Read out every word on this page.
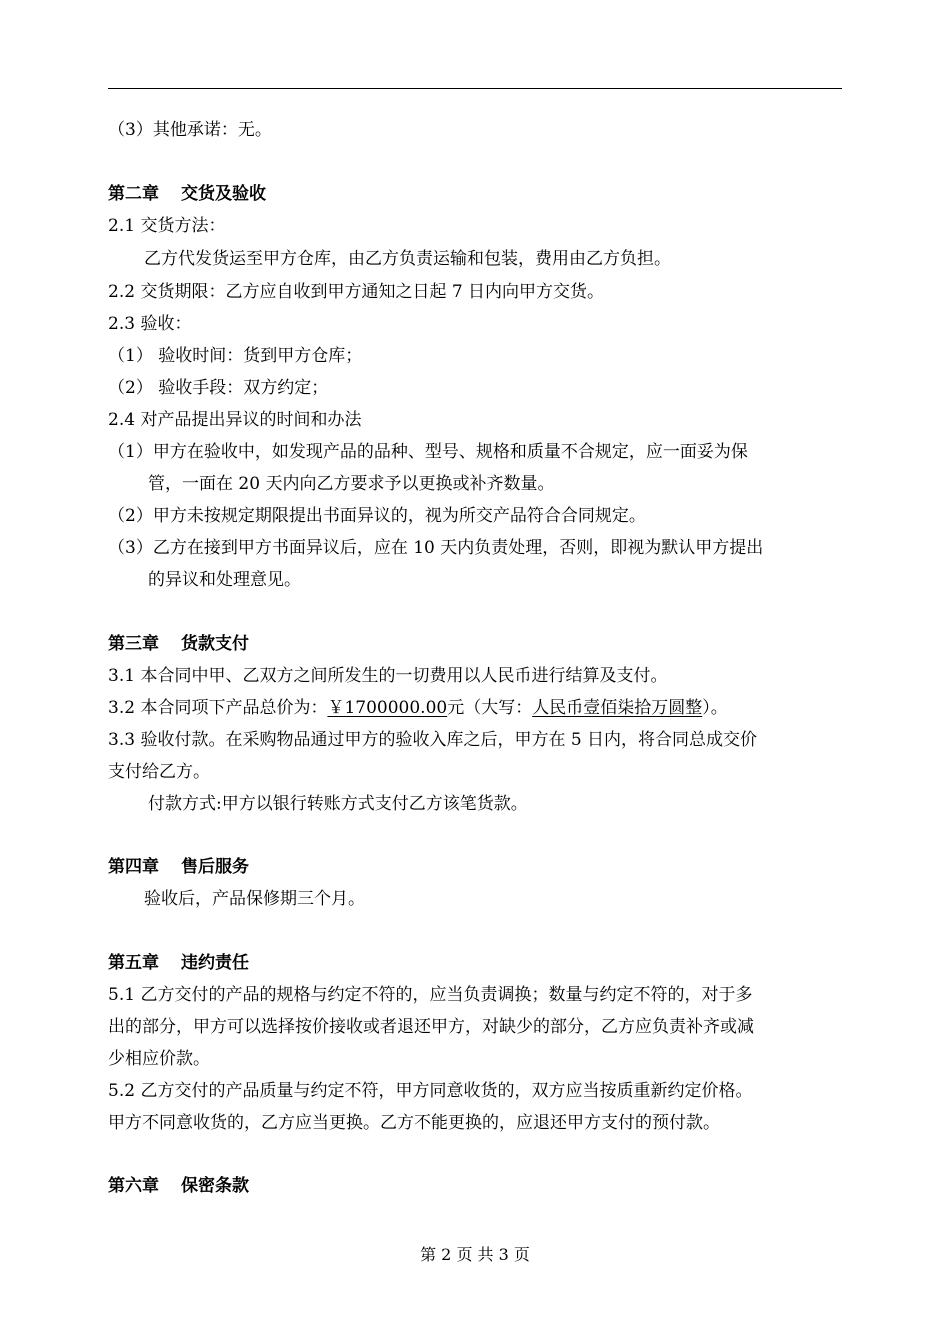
（3）其他承诺：无。
第二章 交货及验收
2.1 交货方法：
乙方代发货运至甲方仓库，由乙方负责运输和包装，费用由乙方负担。
2.2 交货期限：乙方应自收到甲方通知之日起 7 日内向甲方交货。
2.3 验收：
（1） 验收时间：货到甲方仓库；
（2） 验收手段：双方约定；
2.4 对产品提出异议的时间和办法
（1）甲方在验收中，如发现产品的品种、型号、规格和质量不合规定，应一面妥为保
管，一面在 20 天内向乙方要求予以更换或补齐数量。
（2）甲方未按规定期限提出书面异议的，视为所交产品符合合同规定。
（3）乙方在接到甲方书面异议后，应在 10 天内负责处理，否则，即视为默认甲方提出
的异议和处理意见。
第三章 货款支付
3.1 本合同中甲、乙双方之间所发生的一切费用以人民币进行结算及支付。
3.2 本合同项下产品总价为：￥1700000.00元（大写：人民币壹佰柒拾万圆整）。
3.3 验收付款。在采购物品通过甲方的验收入库之后，甲方在 5 日内，将合同总成交价
支付给乙方。
付款方式:甲方以银行转账方式支付乙方该笔货款。
第四章 售后服务
验收后，产品保修期三个月。
第五章 违约责任
5.1 乙方交付的产品的规格与约定不符的，应当负责调换；数量与约定不符的，对于多
出的部分，甲方可以选择按价接收或者退还甲方，对缺少的部分，乙方应负责补齐或减
少相应价款。
5.2 乙方交付的产品质量与约定不符，甲方同意收货的，双方应当按质重新约定价格。
甲方不同意收货的，乙方应当更换。乙方不能更换的，应退还甲方支付的预付款。
第六章 保密条款
第 2 页 共 3 页
